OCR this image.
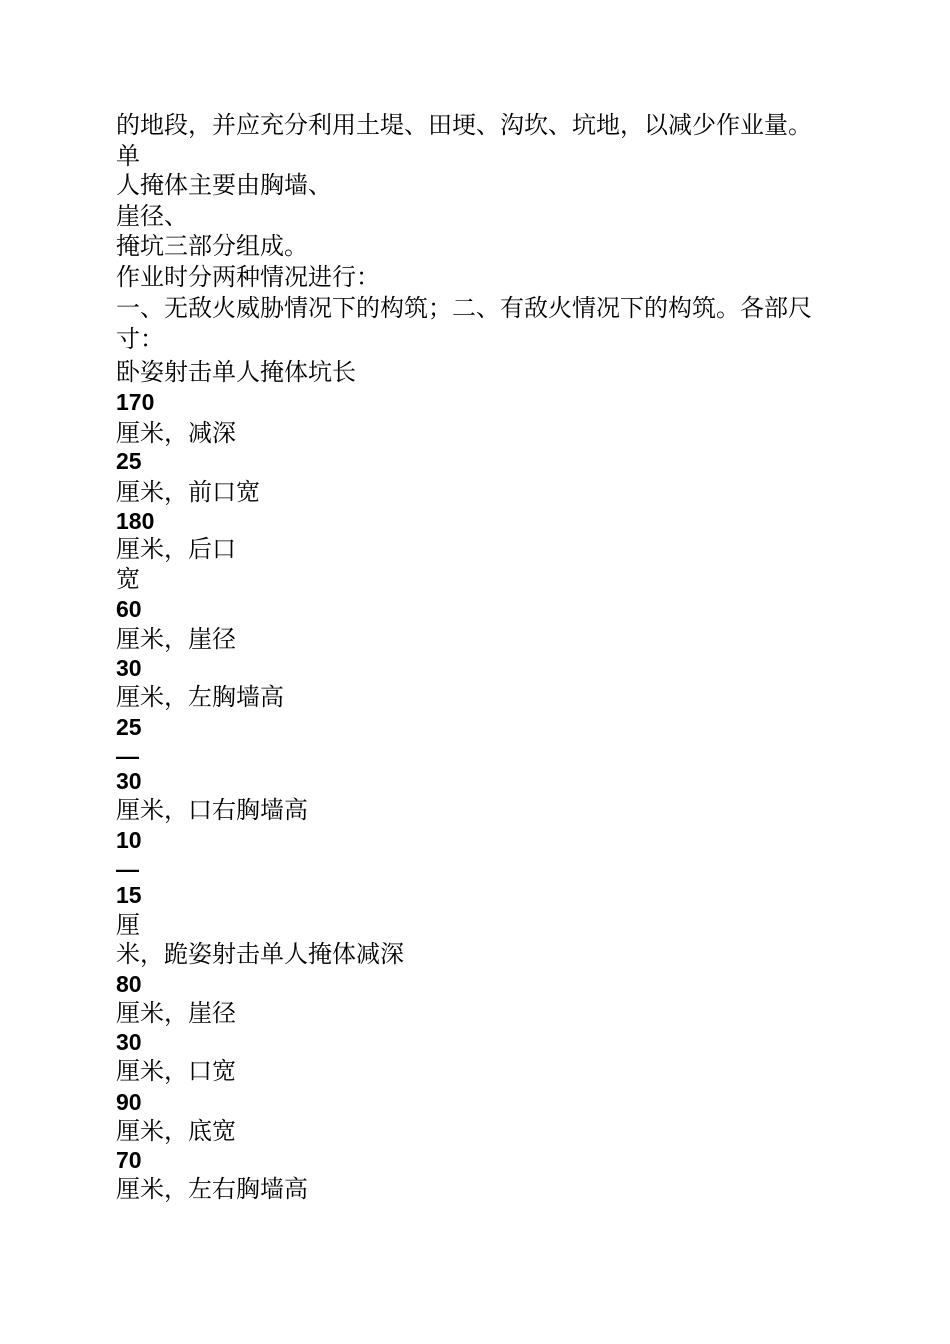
的地段，并应充分利用土堤、田埂、沟坎、坑地，以减少作业量。
单
人掩体主要由胸墙、
崖径、
掩坑三部分组成。
作业时分两种情况进行：
一、无敌火威胁情况下的构筑；二、有敌火情况下的构筑。各部尺
寸：
卧姿射击单人掩体坑长
170
厘米，减深
25
厘米，前口宽
180
厘米，后口
宽
60
厘米，崖径
30
厘米，左胸墙高
25
—
30
厘米，口右胸墙高
10
—
15
厘
米，跪姿射击单人掩体减深
80
厘米，崖径
30
厘米，口宽
90
厘米，底宽
70
厘米，左右胸墙高
